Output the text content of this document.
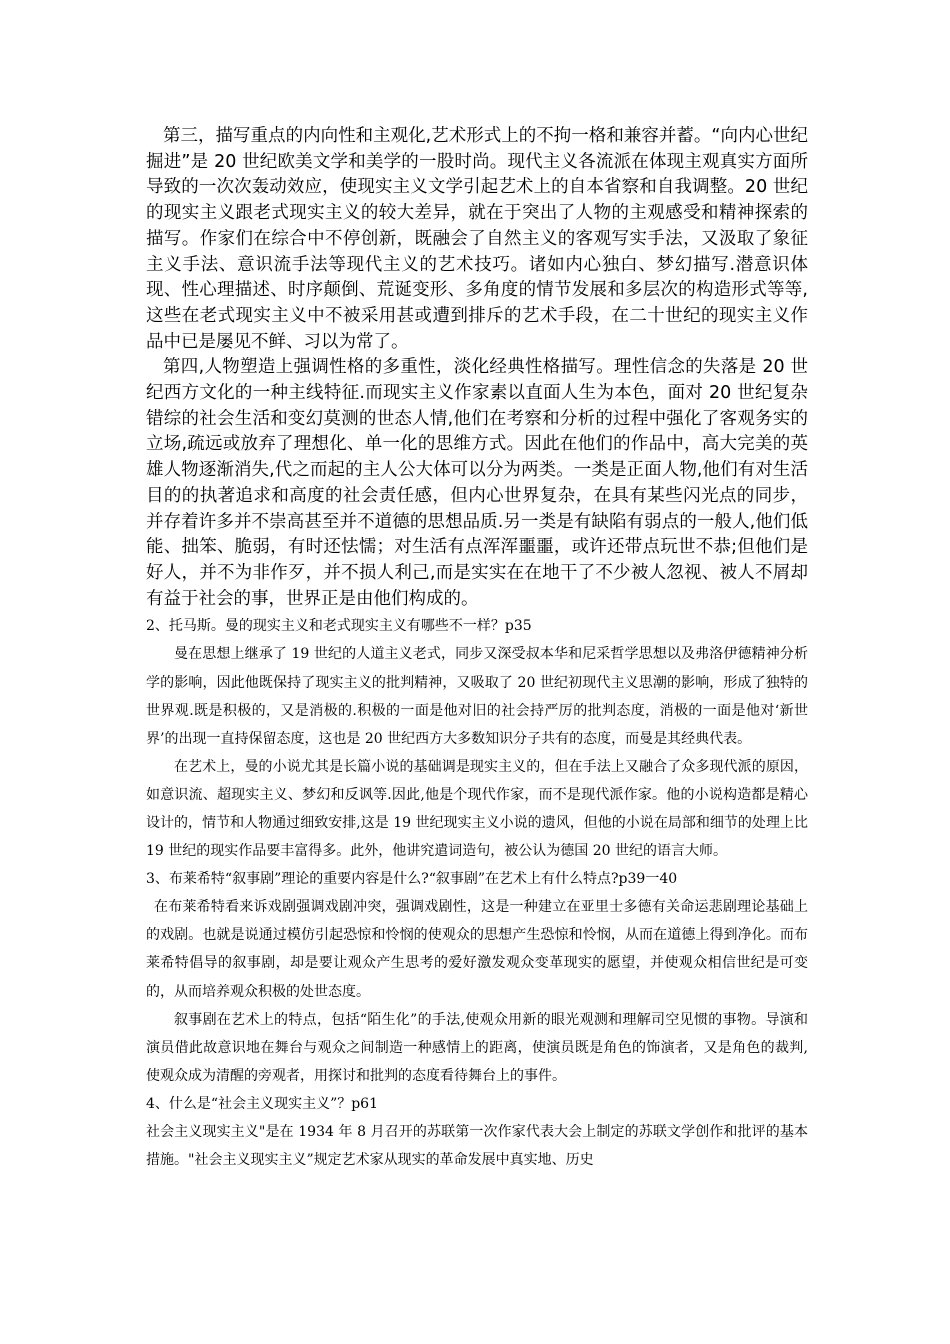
第三，描写重点的内向性和主观化,艺术形式上的不拘一格和兼容并蓄。“向内心世纪掘进”是 20 世纪欧美文学和美学的一股时尚。现代主义各流派在体现主观真实方面所导致的一次次轰动效应，使现实主义文学引起艺术上的自本省察和自我调整。20 世纪的现实主义跟老式现实主义的较大差异，就在于突出了人物的主观感受和精神探索的描写。作家们在综合中不停创新，既融会了自然主义的客观写实手法，又汲取了象征主义手法、意识流手法等现代主义的艺术技巧。诸如内心独白、梦幻描写.潜意识体现、性心理描述、时序颠倒、荒诞变形、多角度的情节发展和多层次的构造形式等等,这些在老式现实主义中不被采用甚或遭到排斥的艺术手段，在二十世纪的现实主义作品中已是屡见不鲜、习以为常了。

第四,人物塑造上强调性格的多重性，淡化经典性格描写。理性信念的失落是 20 世纪西方文化的一种主线特征.而现实主义作家素以直面人生为本色，面对 20 世纪复杂错综的社会生活和变幻莫测的世态人情,他们在考察和分析的过程中强化了客观务实的立场,疏远或放弃了理想化、单一化的思维方式。因此在他们的作品中，高大完美的英雄人物逐渐消失,代之而起的主人公大体可以分为两类。一类是正面人物,他们有对生活目的的执著追求和高度的社会责任感，但内心世界复杂，在具有某些闪光点的同步，并存着许多并不崇高甚至并不道德的思想品质.另一类是有缺陷有弱点的一般人,他们低能、拙笨、脆弱，有时还怯懦；对生活有点浑浑噩噩，或许还带点玩世不恭;但他们是好人，并不为非作歹，并不损人利己,而是实实在在地干了不少被人忽视、被人不屑却有益于社会的事，世界正是由他们构成的。

2、托马斯。曼的现实主义和老式现实主义有哪些不一样？p35

曼在思想上继承了 19 世纪的人道主义老式，同步又深受叔本华和尼采哲学思想以及弗洛伊德精神分析学的影响，因此他既保持了现实主义的批判精神，又吸取了 20 世纪初现代主义思潮的影响，形成了独特的世界观.既是积极的，又是消极的.积极的一面是他对旧的社会持严厉的批判态度，消极的一面是他对‘新世界’的出现一直持保留态度，这也是 20 世纪西方大多数知识分子共有的态度，而曼是其经典代表。

在艺术上，曼的小说尤其是长篇小说的基础调是现实主义的，但在手法上又融合了众多现代派的原因，如意识流、超现实主义、梦幻和反讽等.因此,他是个现代作家，而不是现代派作家。他的小说构造都是精心设计的，情节和人物通过细致安排,这是 19 世纪现实主义小说的遗风，但他的小说在局部和细节的处理上比 19 世纪的现实作品要丰富得多。此外，他讲究遣词造句，被公认为德国 20 世纪的语言大师。

3、布莱希特“叙事剧”理论的重要内容是什么?“叙事剧”在艺术上有什么特点?p39一40

在布莱希特看来诉戏剧强调戏剧冲突，强调戏剧性，这是一种建立在亚里士多德有关命运悲剧理论基础上的戏剧。也就是说通过模仿引起恐惊和怜悯的使观众的思想产生恐惊和怜悯，从而在道德上得到净化。而布莱希特倡导的叙事剧，却是要让观众产生思考的爱好激发观众变革现实的愿望，并使观众相信世纪是可变的，从而培养观众积极的处世态度。

叙事剧在艺术上的特点，包括“陌生化”的手法,使观众用新的眼光观测和理解司空见惯的事物。导演和演员借此故意识地在舞台与观众之间制造一种感情上的距离，使演员既是角色的饰演者，又是角色的裁判,使观众成为清醒的旁观者，用探讨和批判的态度看待舞台上的事件。

4、什么是“社会主义现实主义”？p61

社会主义现实主义"是在 1934 年 8 月召开的苏联第一次作家代表大会上制定的苏联文学创作和批评的基本措施。"社会主义现实主义”规定艺术家从现实的革命发展中真实地、历史
